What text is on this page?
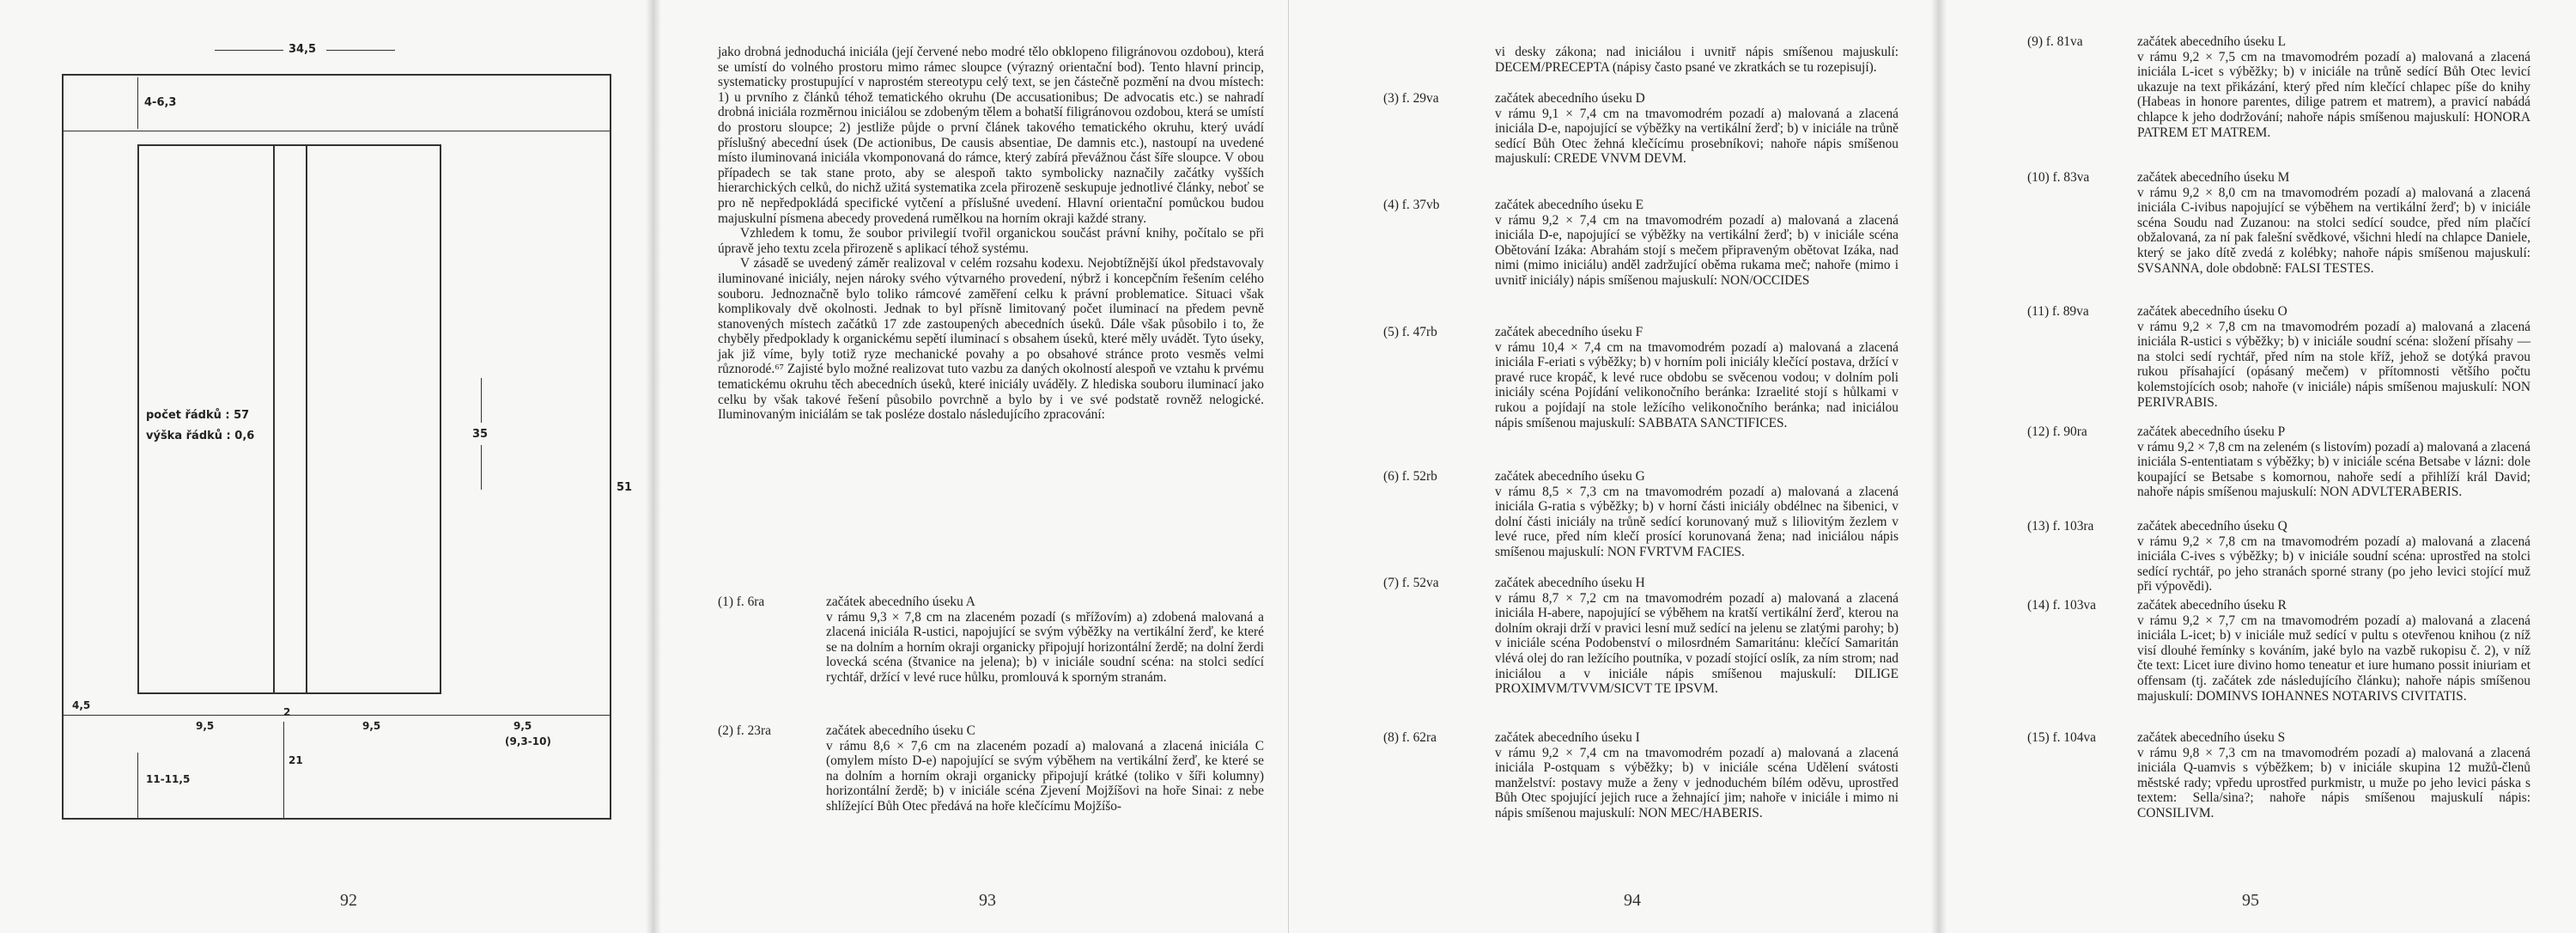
34,5
4-6,3
počet řádků : 57
výška řádků : 0,6	35
51
4,5
9,5
2
9,5	9,5
(9,3-10)
11-11,5
21
92

jako drobná jednoduchá iniciála (její červené nebo modré tělo obklopeno filigránovou ozdobou), která se umístí do volného prostoru mimo rámec sloupce (výrazný orientační bod). Tento hlavní princip, systematicky prostupující v naprostém stereotypu celý text, se jen částečně pozmění na dvou místech: 1) u prvního z článků téhož tematického okruhu (De accusationibus; De advocatis etc.) se nahradí drobná iniciála rozměrnou iniciálou se zdobeným tělem a bohatší filigránovou ozdobou, která se umístí do prostoru sloupce; 2) jestliže půjde o první článek takového tematického okruhu, který uvádí příslušný abecední úsek (De actionibus, De causis absentiae, De damnis etc.), nastoupí na uvedené místo iluminovaná iniciála vkomponovaná do rámce, který zabírá převážnou část šíře sloupce. V obou případech se tak stane proto, aby se alespoň takto symbolicky naznačily začátky vyšších hierarchických celků, do nichž užitá systematika zcela přirozeně seskupuje jednotlivé články, neboť se pro ně nepředpokládá specifické vytčení a příslušné uvedení. Hlavní orientační pomůckou budou majuskulní písmena abecedy provedená rumělkou na horním okraji každé strany.

Vzhledem k tomu, že soubor privilegií tvořil organickou součást právní knihy, počítalo se při úpravě jeho textu zcela přirozeně s aplikací téhož systému.

V zásadě se uvedený záměr realizoval v celém rozsahu kodexu. Nejobtížnější úkol představovaly iluminované iniciály, nejen nároky svého výtvarného provedení, nýbrž i koncepčním řešením celého souboru. Jednoznačně bylo toliko rámcové zaměření celku k právní problematice. Situaci však komplikovaly dvě okolnosti. Jednak to byl přísně limitovaný počet iluminací na předem pevně stanovených místech začátků 17 zde zastoupených abecedních úseků. Dále však působilo i to, že chyběly předpoklady k organickému sepětí iluminací s obsahem úseků, které měly uvádět. Tyto úseky, jak již víme, byly totiž ryze mechanické povahy a po obsahové stránce proto vesměs velmi různorodé.⁶⁷ Zajisté bylo možné realizovat tuto vazbu za daných okolností alespoň ve vztahu k prvému tematickému okruhu těch abecedních úseků, které iniciály uváděly. Z hlediska souboru iluminací jako celku by však takové řešení působilo povrchně a bylo by i ve své podstatě rovněž nelogické. Iluminovaným iniciálám se tak posléze dostalo následujícího zpracování:

(1) f. 6ra	začátek abecedního úseku A
v rámu 9,3 × 7,8 cm na zlaceném pozadí (s mřížovím) a) zdobená malovaná a zlacená iniciála R-ustici, napojující se svým výběžky na vertikální žerď, ke které se na dolním a horním okraji organicky připojují horizontální žerdě; na dolní žerdi lovecká scéna (štvanice na jelena); b) v iniciále soudní scéna: na stolci sedící rychtář, držící v levé ruce hůlku, promlouvá k sporným stranám.
(2) f. 23ra	začátek abecedního úseku C
v rámu 8,6 × 7,6 cm na zlaceném pozadí a) malovaná a zlacená iniciála C (omylem místo D-e) napojující se svým výběhem na vertikální žerď, ke které se na dolním a horním okraji organicky připojují krátké (toliko v šíři kolumny) horizontální žerdě; b) v iniciále scéna Zjevení Mojžíšovi na hoře Sinai: z nebe shlížející Bůh Otec předává na hoře klečícímu Mojžíšo-
93

vi desky zákona; nad iniciálou i uvnitř nápis smíšenou majuskulí: DECEM/PRECEPTA (nápisy často psané ve zkratkách se tu rozepisují).

(3) f. 29va	začátek abecedního úseku D
v rámu 9,1 × 7,4 cm na tmavomodrém pozadí a) malovaná a zlacená iniciála D-e, napojující se výběžky na vertikální žerď; b) v iniciále na trůně sedící Bůh Otec žehná klečícímu prosebníkovi; nahoře nápis smíšenou majuskulí: CREDE VNVM DEVM.
(4) f. 37vb	začátek abecedního úseku E
v rámu 9,2 × 7,4 cm na tmavomodrém pozadí a) malovaná a zlacená iniciála D-e, napojující se výběžky na vertikální žerď; b) v iniciále scéna Obětování Izáka: Abrahám stojí s mečem připraveným obětovat Izáka, nad nimi (mimo iniciálu) anděl zadržující oběma rukama meč; nahoře (mimo i uvnitř iniciály) nápis smíšenou majuskulí: NON/OCCIDES
(5) f. 47rb	začátek abecedního úseku F
v rámu 10,4 × 7,4 cm na tmavomodrém pozadí a) malovaná a zlacená iniciála F-eriati s výběžky; b) v horním poli iniciály klečící postava, držící v pravé ruce kropáč, k levé ruce obdobu se svěcenou vodou; v dolním poli iniciály scéna Pojídání velikonočního beránka: Izraelité stojí s hůlkami v rukou a pojídají na stole ležícího velikonočního beránka; nad iniciálou nápis smíšenou majuskulí: SABBATA SANCTIFICES.
(6) f. 52rb	začátek abecedního úseku G
v rámu 8,5 × 7,3 cm na tmavomodrém pozadí a) malovaná a zlacená iniciála G-ratia s výběžky; b) v horní části iniciály obdélnec na šibenici, v dolní části iniciály na trůně sedící korunovaný muž s liliovitým žezlem v levé ruce, před ním klečí prosící korunovaná žena; nad iniciálou nápis smíšenou majuskulí: NON FVRTVM FACIES.
(7) f. 52va	začátek abecedního úseku H
v rámu 8,7 × 7,2 cm na tmavomodrém pozadí a) malovaná a zlacená iniciála H-abere, napojující se výběhem na kratší vertikální žerď, kterou na dolním okraji drží v pravici lesní muž sedící na jelenu se zlatými parohy; b) v iniciále scéna Podobenství o milosrdném Samaritánu: klečící Samaritán vlévá olej do ran ležícího poutníka, v pozadí stojící oslík, za ním strom; nad iniciálou a v iniciále nápis smíšenou majuskulí: DILIGE PROXIMVM/TVVM/SICVT TE IPSVM.
(8) f. 62ra	začátek abecedního úseku I
v rámu 9,2 × 7,4 cm na tmavomodrém pozadí a) malovaná a zlacená iniciála P-ostquam s výběžky; b) v iniciále scéna Udělení svátosti manželství: postavy muže a ženy v jednoduchém bílém oděvu, uprostřed Bůh Otec spojující jejich ruce a žehnající jim; nahoře v iniciále i mimo ni nápis smíšenou majuskulí: NON MEC/HABERIS.
94
(9) f. 81va	začátek abecedního úseku L
v rámu 9,2 × 7,5 cm na tmavomodrém pozadí a) malovaná a zlacená iniciála L-icet s výběžky; b) v iniciále na trůně sedící Bůh Otec levicí ukazuje na text přikázání, který před ním klečící chlapec píše do knihy (Habeas in honore parentes, dilige patrem et matrem), a pravicí nabádá chlapce k jeho dodržování; nahoře nápis smíšenou majuskulí: HONORA PATREM ET MATREM.
(10) f. 83va	začátek abecedního úseku M
v rámu 9,2 × 8,0 cm na tmavomodrém pozadí a) malovaná a zlacená iniciála C-ivibus napojující se výběhem na vertikální žerď; b) v iniciále scéna Soudu nad Zuzanou: na stolci sedící soudce, před ním plačící obžalovaná, za ní pak falešní svědkové, všichni hledí na chlapce Daniele, který se jako dítě zvedá z kolébky; nahoře nápis smíšenou majuskulí: SVSANNA, dole obdobně: FALSI TESTES.
(11) f. 89va	začátek abecedního úseku O
v rámu 9,2 × 7,8 cm na tmavomodrém pozadí a) malovaná a zlacená iniciála R-ustici s výběžky; b) v iniciále soudní scéna: složení přísahy — na stolci sedí rychtář, před ním na stole kříž, jehož se dotýká pravou rukou přísahající (opásaný mečem) v přítomnosti většího počtu kolemstojících osob; nahoře (v iniciále) nápis smíšenou majuskulí: NON PERIVRABIS.
(12) f. 90ra	začátek abecedního úseku P
v rámu 9,2 × 7,8 cm na zeleném (s listovím) pozadí a) malovaná a zlacená iniciála S-ententiatam s výběžky; b) v iniciále scéna Betsabe v lázni: dole koupající se Betsabe s komornou, nahoře sedí a přihlíží král David; nahoře nápis smíšenou majuskulí: NON ADVLTERABERIS.
(13) f. 103ra	začátek abecedního úseku Q
v rámu 9,2 × 7,8 cm na tmavomodrém pozadí a) malovaná a zlacená iniciála C-ives s výběžky; b) v iniciále soudní scéna: uprostřed na stolci sedící rychtář, po jeho stranách sporné strany (po jeho levici stojící muž při výpovědi).
(14) f. 103va	začátek abecedního úseku R
v rámu 9,2 × 7,7 cm na tmavomodrém pozadí a) malovaná a zlacená iniciála L-icet; b) v iniciále muž sedící v pultu s otevřenou knihou (z níž visí dlouhé řemínky s kováním, jaké bylo na vazbě rukopisu č. 2), v níž čte text: Licet iure divino homo teneatur et iure humano possit iniuriam et offensam (tj. začátek zde následujícího článku); nahoře nápis smíšenou majuskulí: DOMINVS IOHANNES NOTARIVS CIVITATIS.
(15) f. 104va	začátek abecedního úseku S
v rámu 9,8 × 7,3 cm na tmavomodrém pozadí a) malovaná a zlacená iniciála Q-uamvis s výběžkem; b) v iniciále skupina 12 mužů-členů městské rady; vpředu uprostřed purkmistr, u muže po jeho levici páska s textem: Sella/sina?; nahoře nápis smíšenou majuskulí nápis: CONSILIVM.
95
